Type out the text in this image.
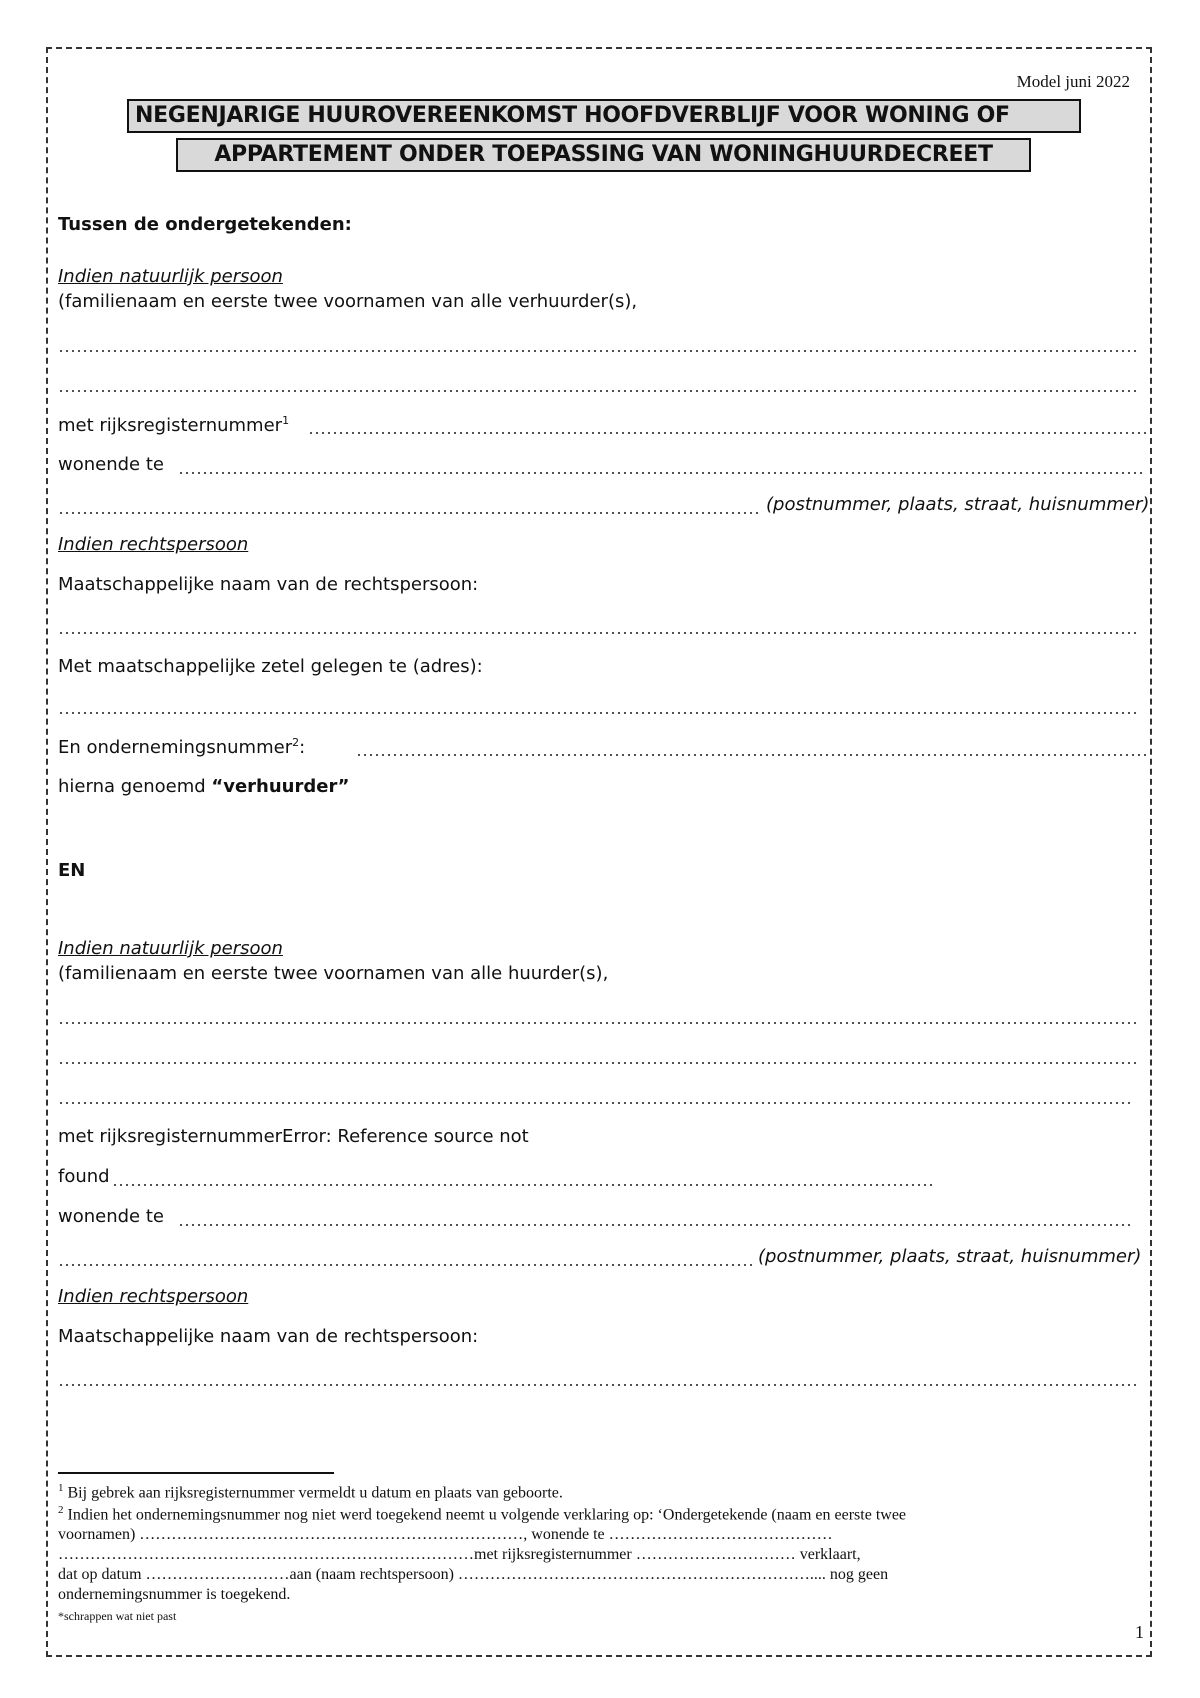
Model juni 2022
NEGENJARIGE HUUROVEREENKOMST HOOFDVERBLIJF VOOR WONING OF
APPARTEMENT ONDER TOEPASSING VAN WONINGHUURDECREET
Tussen de ondergetekenden:
Indien natuurlijk persoon
(familienaam en eerste twee voornamen van alle verhuurder(s),
met rijksregisternummer$^1$
wonende te
(postnummer, plaats, straat, huisnummer)
Indien rechtspersoon
Maatschappelijke naam van de rechtspersoon:
Met maatschappelijke zetel gelegen te (adres):
En ondernemingsnummer$^2$:
hierna genoemd “verhuurder”
EN
Indien natuurlijk persoon
(familienaam en eerste twee voornamen van alle huurder(s),
met rijksregisternummerError: Reference source not
found
wonende te
(postnummer, plaats, straat, huisnummer)
Indien rechtspersoon
Maatschappelijke naam van de rechtspersoon:
$^1$ Bij gebrek aan rijksregisternummer vermeldt u datum en plaats van geboorte.
$^2$ Indien het ondernemingsnummer nog niet werd toegekend neemt u volgende verklaring op: ‘Ondergetekende (naam en eerste twee
voornamen) ………………………………………………………………, wonende te ……………………………………
……………………………………………………………………met rijksregisternummer ………………………… verklaart,
dat op datum ………………………aan (naam rechtspersoon) ………………………………………………………….... nog geen
ondernemingsnummer is toegekend.
*schrappen wat niet past
1
